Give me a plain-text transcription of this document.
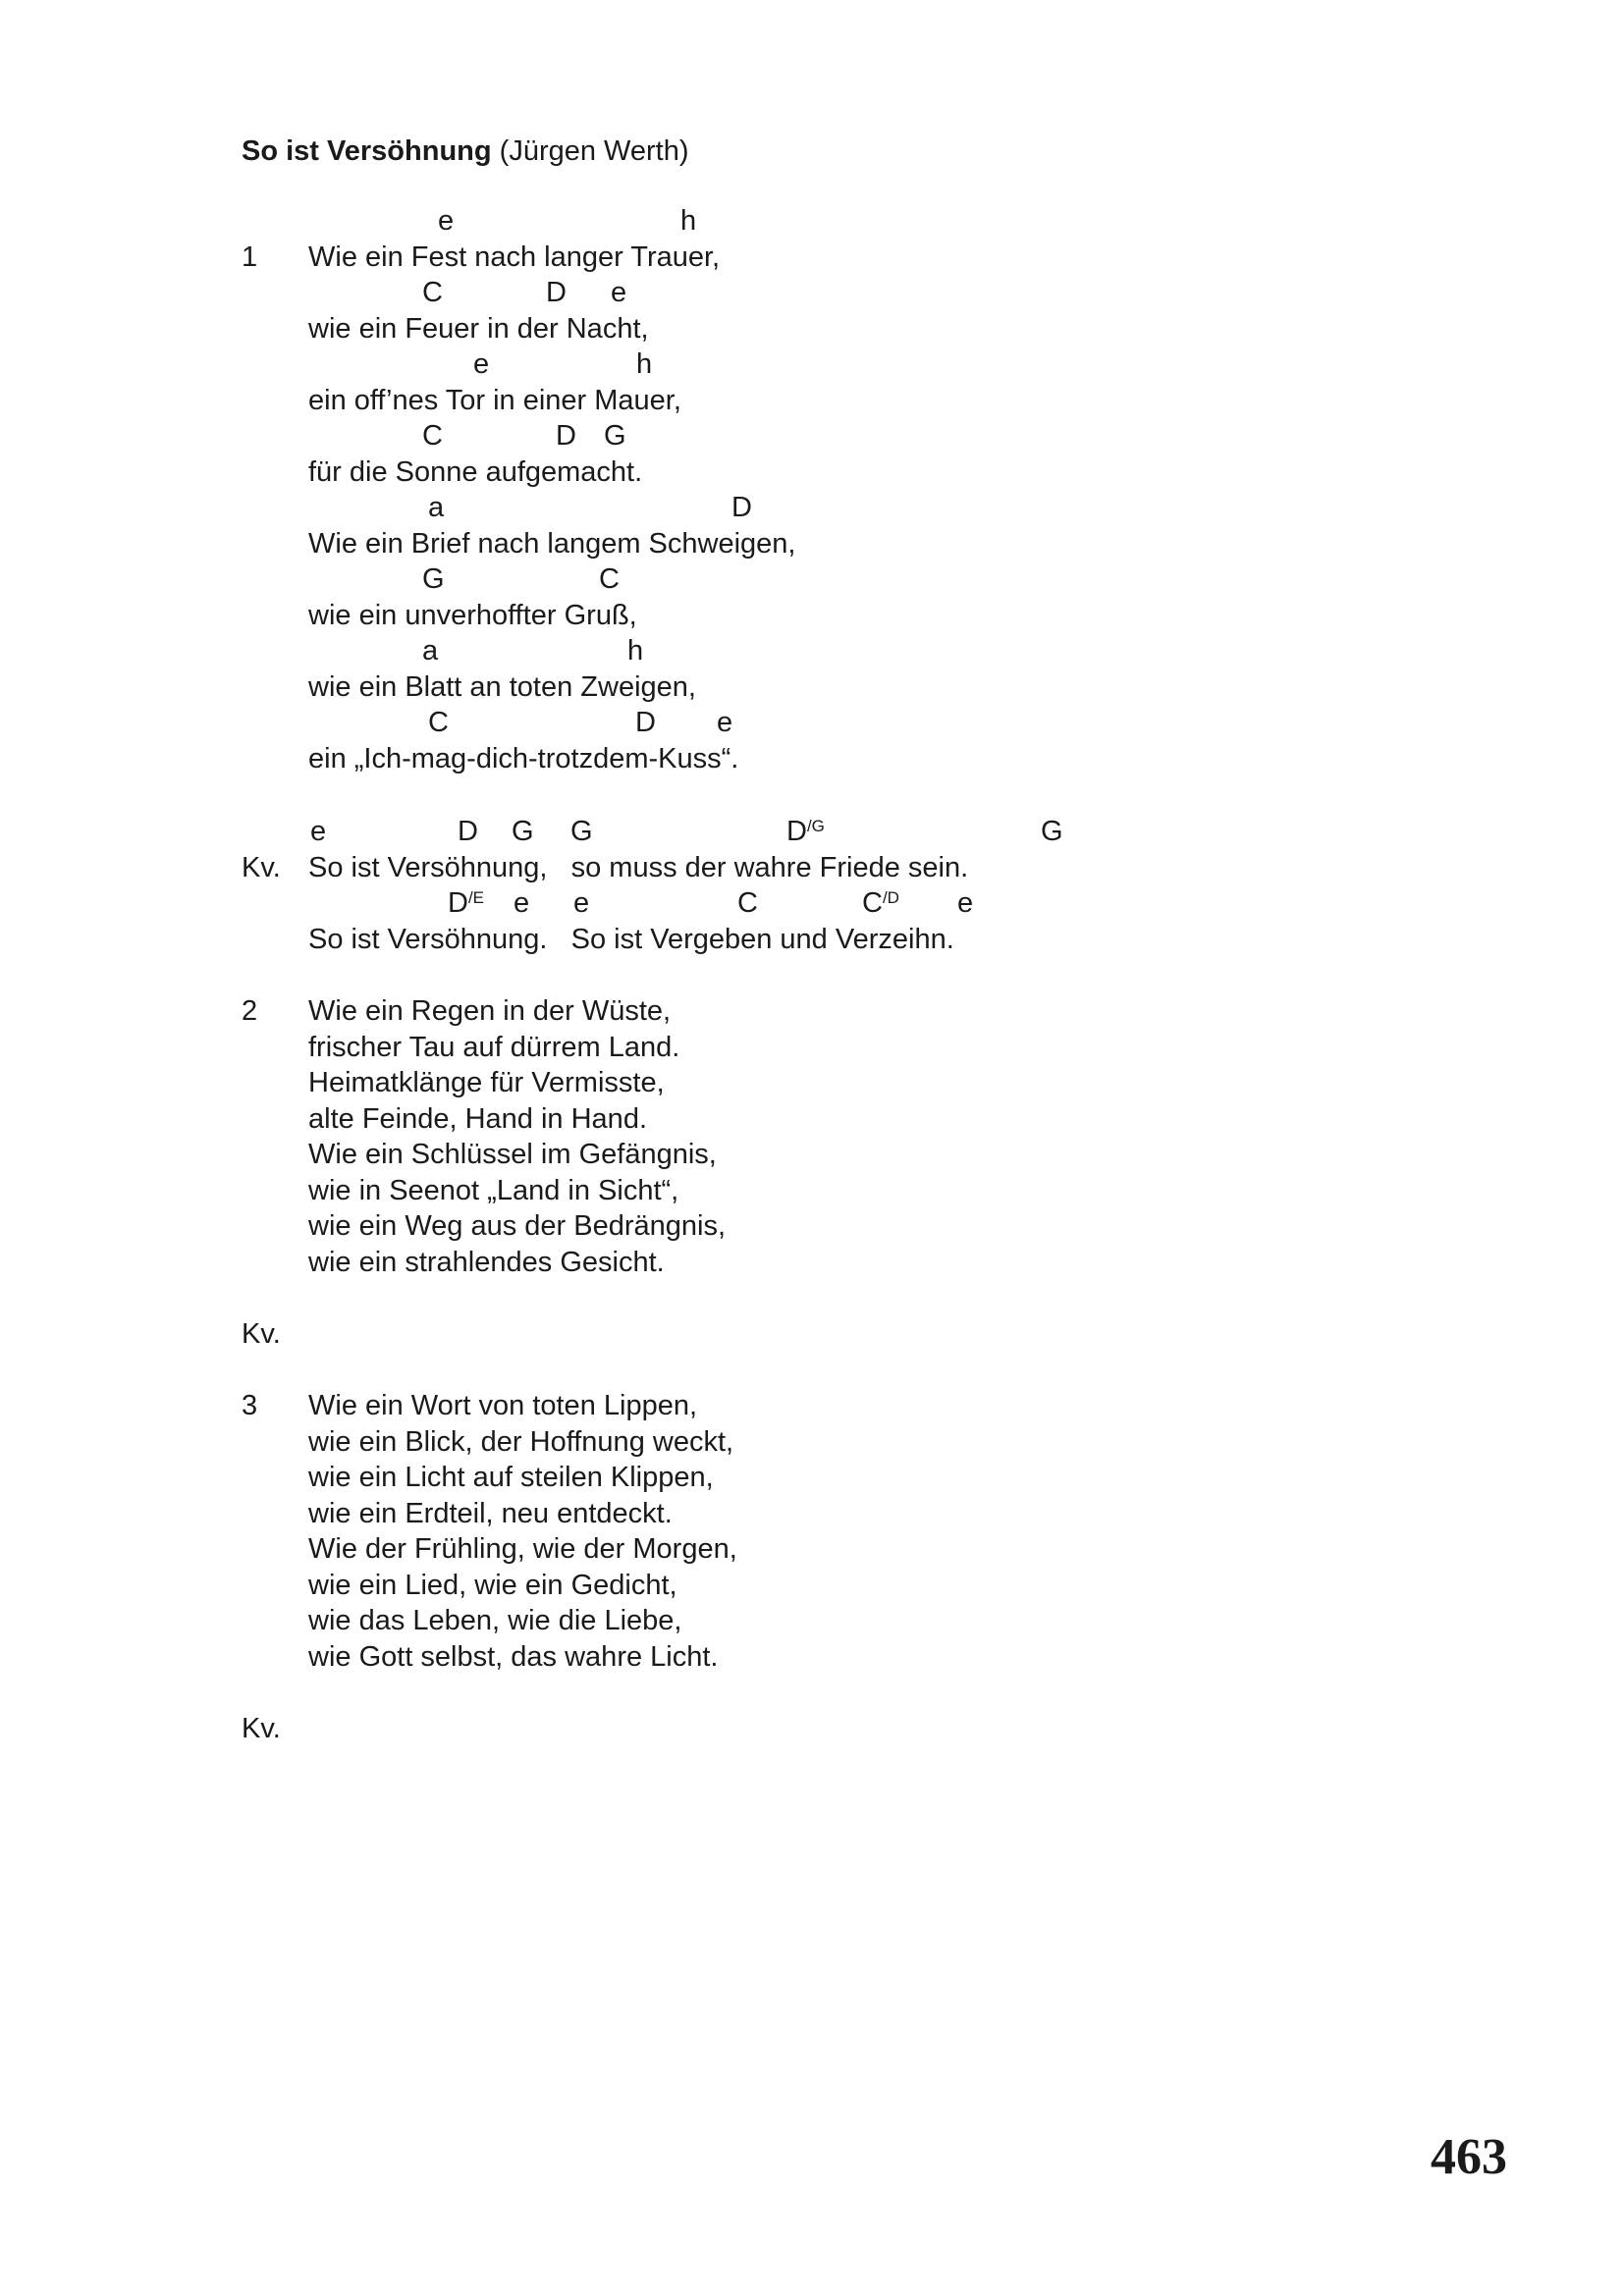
So ist Versöhnung (Jürgen Werth)
e	h
1 Wie ein Fest nach langer Trauer,
C	D e
wie ein Feuer in der Nacht,
e	h
ein off’nes Tor in einer Mauer,
C	D G
für die Sonne aufgemacht.
a	D
Wie ein Brief nach langem Schweigen,
G	C
wie ein unverhoffter Gruß,
a	h
wie ein Blatt an toten Zweigen,
C	D e
ein „Ich-mag-dich-trotzdem-Kuss“.
e	D G G	$D^{/G}$	G
Kv. So ist Versöhnung,   so muss der wahre Friede sein.
$D^{/E}$ e e	C	$C^{/D}$ e
So ist Versöhnung.   So ist Vergeben und Verzeihn.
2 Wie ein Regen in der Wüste,
frischer Tau auf dürrem Land.
Heimatklänge für Vermisste,
alte Feinde, Hand in Hand.
Wie ein Schlüssel im Gefängnis,
wie in Seenot „Land in Sicht“,
wie ein Weg aus der Bedrängnis,
wie ein strahlendes Gesicht.
Kv.
3 Wie ein Wort von toten Lippen,
wie ein Blick, der Hoffnung weckt,
wie ein Licht auf steilen Klippen,
wie ein Erdteil, neu entdeckt.
Wie der Frühling, wie der Morgen,
wie ein Lied, wie ein Gedicht,
wie das Leben, wie die Liebe,
wie Gott selbst, das wahre Licht.
Kv.
463
